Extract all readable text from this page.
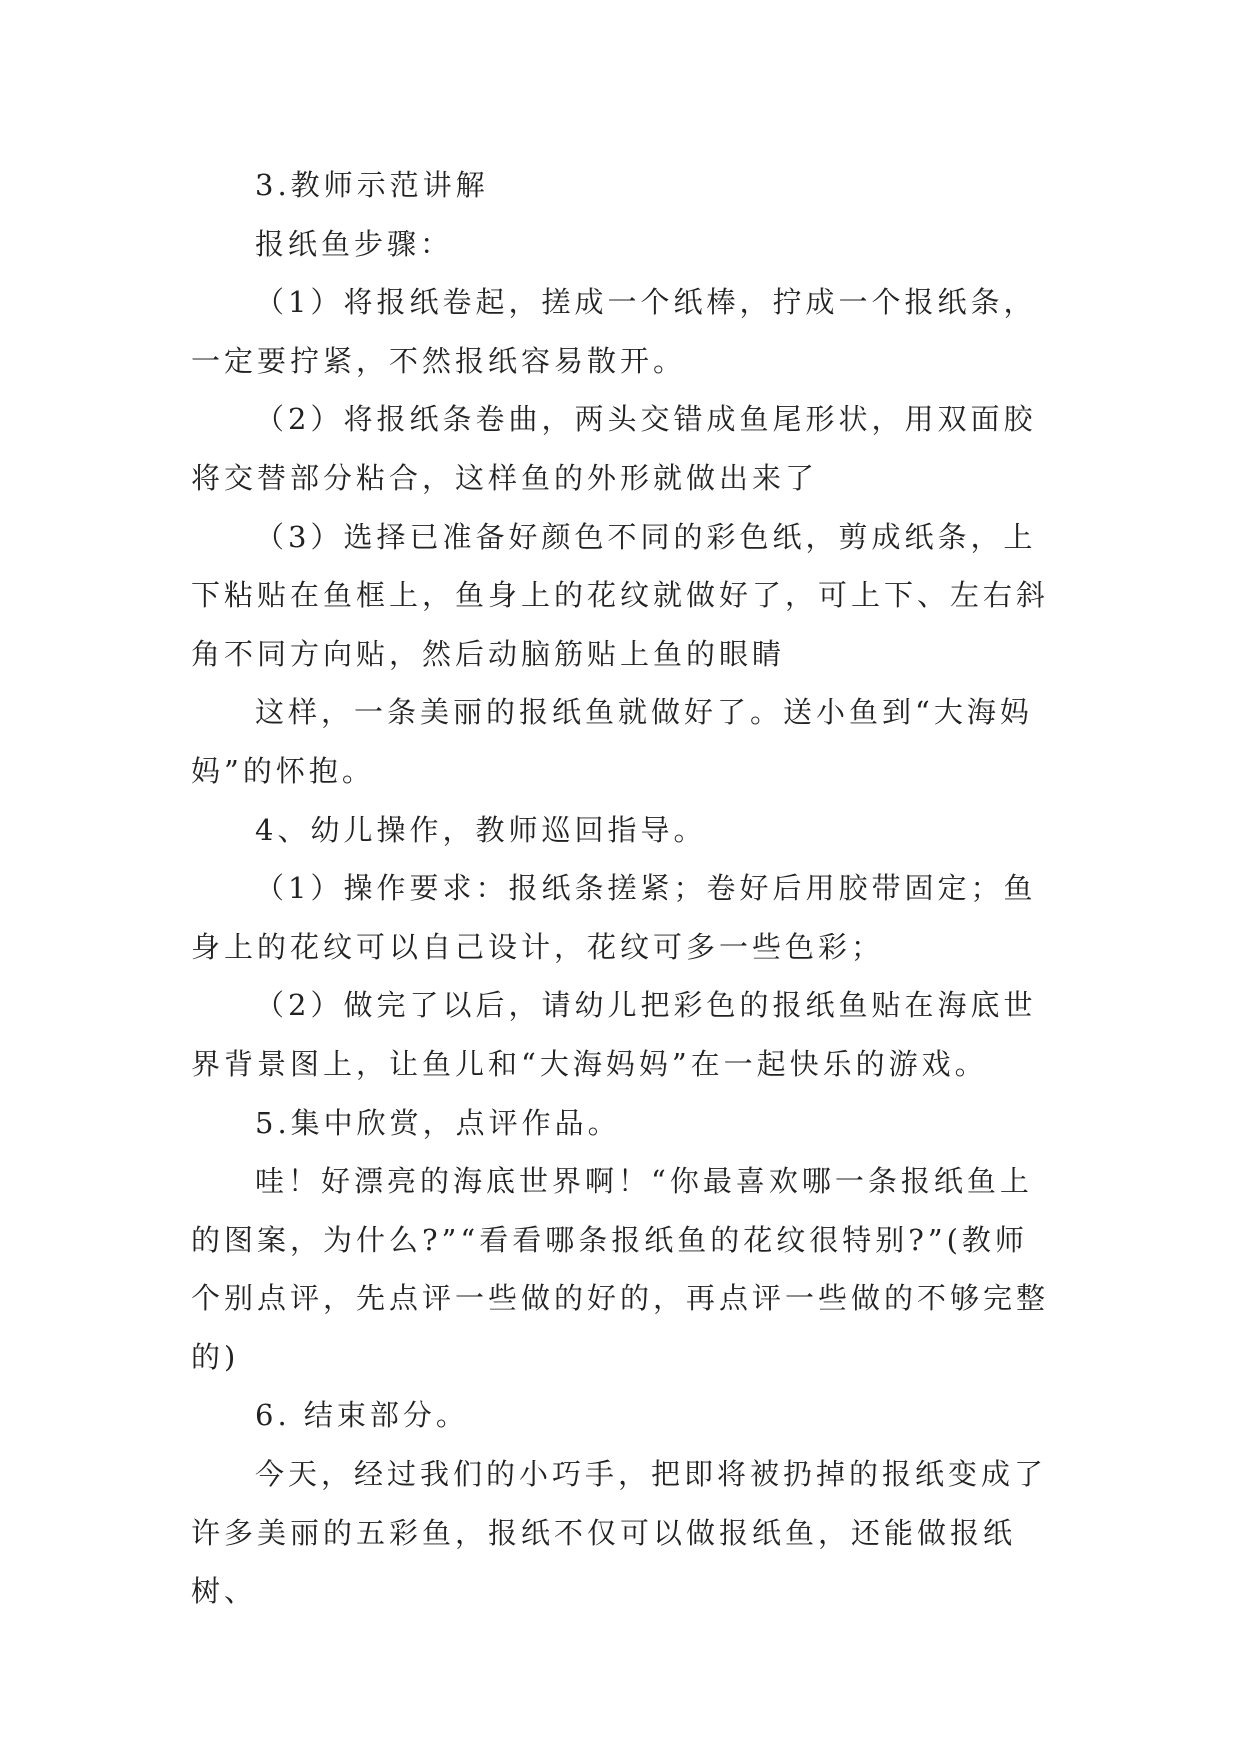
3.教师示范讲解

报纸鱼步骤：

（1）将报纸卷起，搓成一个纸棒，拧成一个报纸条，一定要拧紧，不然报纸容易散开。

（2）将报纸条卷曲，两头交错成鱼尾形状，用双面胶将交替部分粘合，这样鱼的外形就做出来了

（3）选择已准备好颜色不同的彩色纸，剪成纸条，上下粘贴在鱼框上，鱼身上的花纹就做好了，可上下、左右斜角不同方向贴，然后动脑筋贴上鱼的眼睛

这样，一条美丽的报纸鱼就做好了。送小鱼到“大海妈妈”的怀抱。

4、幼儿操作，教师巡回指导。

（1）操作要求：报纸条搓紧；卷好后用胶带固定；鱼身上的花纹可以自己设计，花纹可多一些色彩；

（2）做完了以后，请幼儿把彩色的报纸鱼贴在海底世界背景图上，让鱼儿和“大海妈妈”在一起快乐的游戏。

5.集中欣赏，点评作品。

哇！好漂亮的海底世界啊！“你最喜欢哪一条报纸鱼上的图案，为什么?”“看看哪条报纸鱼的花纹很特别?”(教师个别点评，先点评一些做的好的，再点评一些做的不够完整的)

6. 结束部分。

今天，经过我们的小巧手，把即将被扔掉的报纸变成了许多美丽的五彩鱼，报纸不仅可以做报纸鱼，还能做报纸树、
